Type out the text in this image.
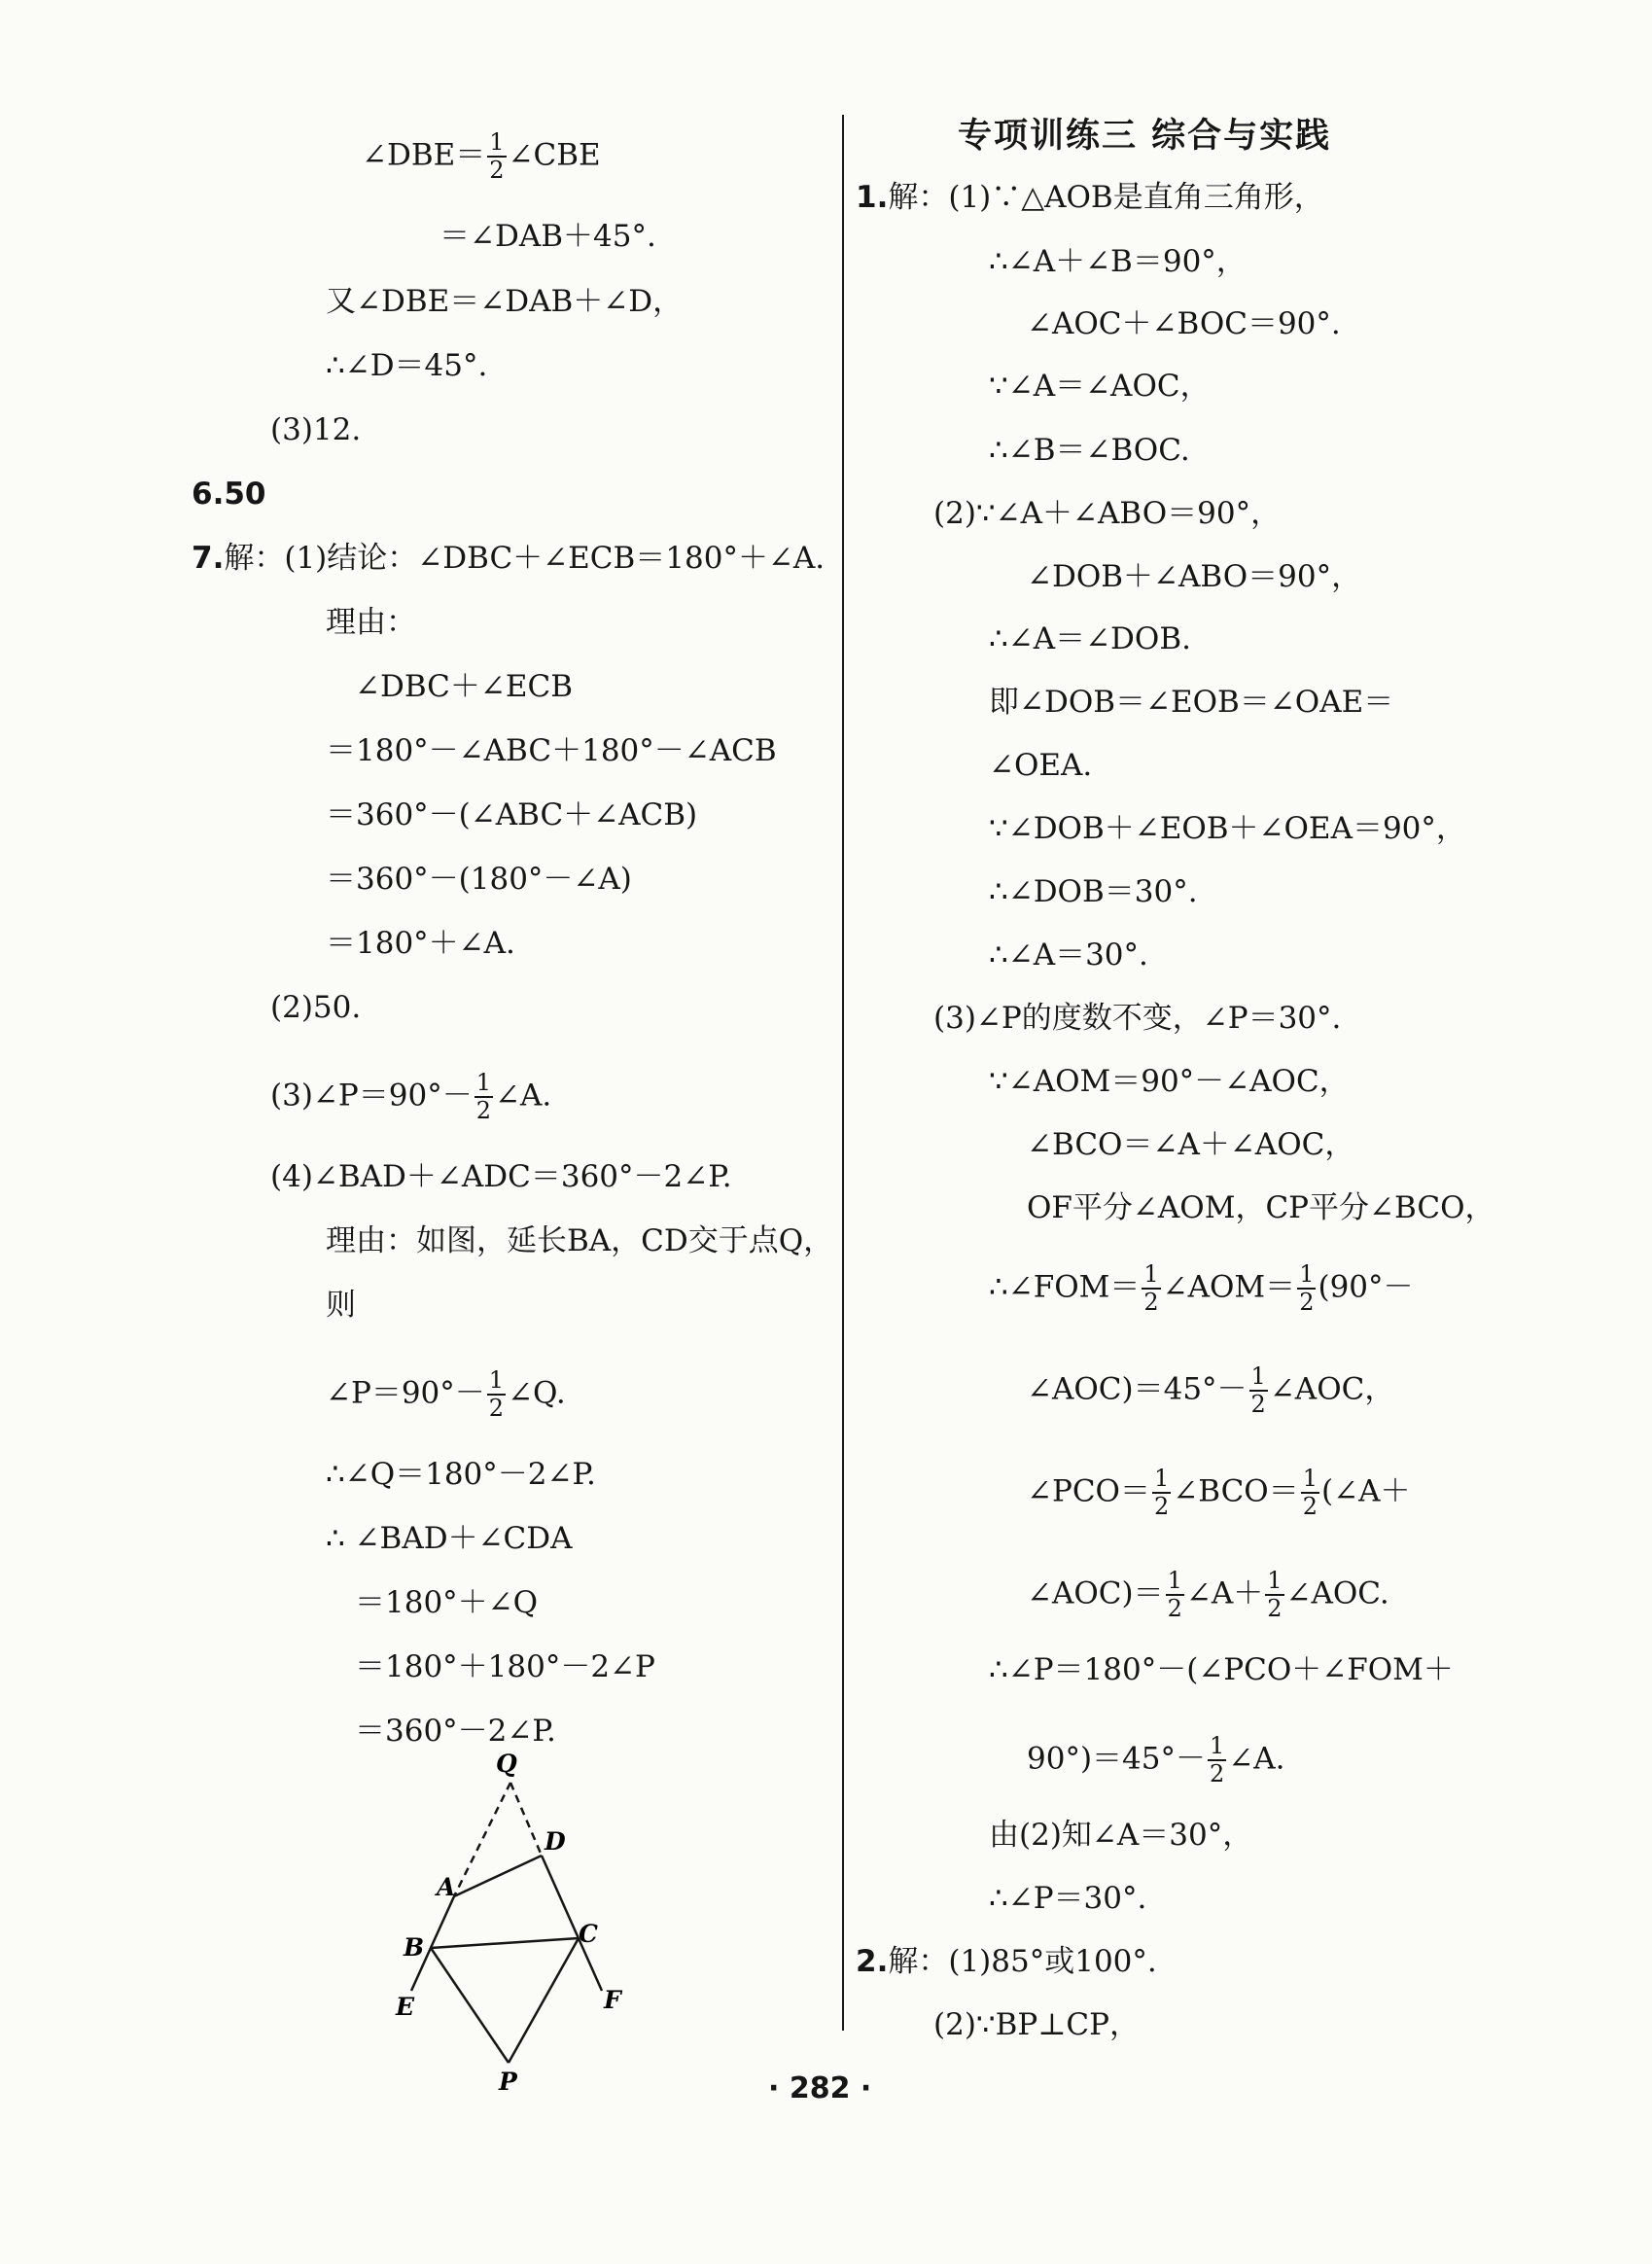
∠DBE＝ $\frac{1}{2}$ ∠CBE
＝∠DAB＋45°.
又∠DBE＝∠DAB＋∠D，
∴∠D＝45°.
(3)12.
6.50
7.解：(1)结论：∠DBC＋∠ECB＝180°＋∠A.
理由：
∠DBC＋∠ECB
＝180°－∠ABC＋180°－∠ACB
＝360°－(∠ABC＋∠ACB)
＝360°－(180°－∠A)
＝180°＋∠A.
(2)50.
(3)∠P＝90°－ $\frac{1}{2}$ ∠A.
(4)∠BAD＋∠ADC＝360°－2∠P.
理由：如图，延长BA，CD交于点Q，
则
∠P＝90°－ $\frac{1}{2}$ ∠Q.
∴∠Q＝180°－2∠P.
∴ ∠BAD＋∠CDA
＝180°＋∠Q
＝180°＋180°－2∠P
＝360°－2∠P.
Q
D
A
B	C
E	F
P
专项训练三 综合与实践
1.解：(1)∵△AOB是直角三角形，
∴∠A＋∠B＝90°，
∠AOC＋∠BOC＝90°.
∵∠A＝∠AOC，
∴∠B＝∠BOC.
(2)∵∠A＋∠ABO＝90°，
∠DOB＋∠ABO＝90°，
∴∠A＝∠DOB.
即∠DOB＝∠EOB＝∠OAE＝
∠OEA.
∵∠DOB＋∠EOB＋∠OEA＝90°，
∴∠DOB＝30°.
∴∠A＝30°.
(3)∠P的度数不变，∠P＝30°.
∵∠AOM＝90°－∠AOC，
∠BCO＝∠A＋∠AOC，
OF平分∠AOM，CP平分∠BCO，
∴∠FOM＝ $\frac{1}{2}$ ∠AOM＝ $\frac{1}{2} (90^\circ-$
∠AOC)＝45°－ $\frac{1}{2}$ ∠AOC，
∠PCO＝ $\frac{1}{2}$ ∠BCO＝ $\frac{1}{2}$ (∠A＋
∠AOC)＝ $\frac{1}{2}$ ∠A＋ $\frac{1}{2}$ ∠AOC.
∴∠P＝180°－(∠PCO＋∠FOM＋
$90^\circ)=45^\circ- \frac{1}{2}$ ∠A.
由(2)知∠A＝30°，
∴∠P＝30°.
2.解：(1)85°或100°.
(2)∵BP⊥CP，
· 282 ·
